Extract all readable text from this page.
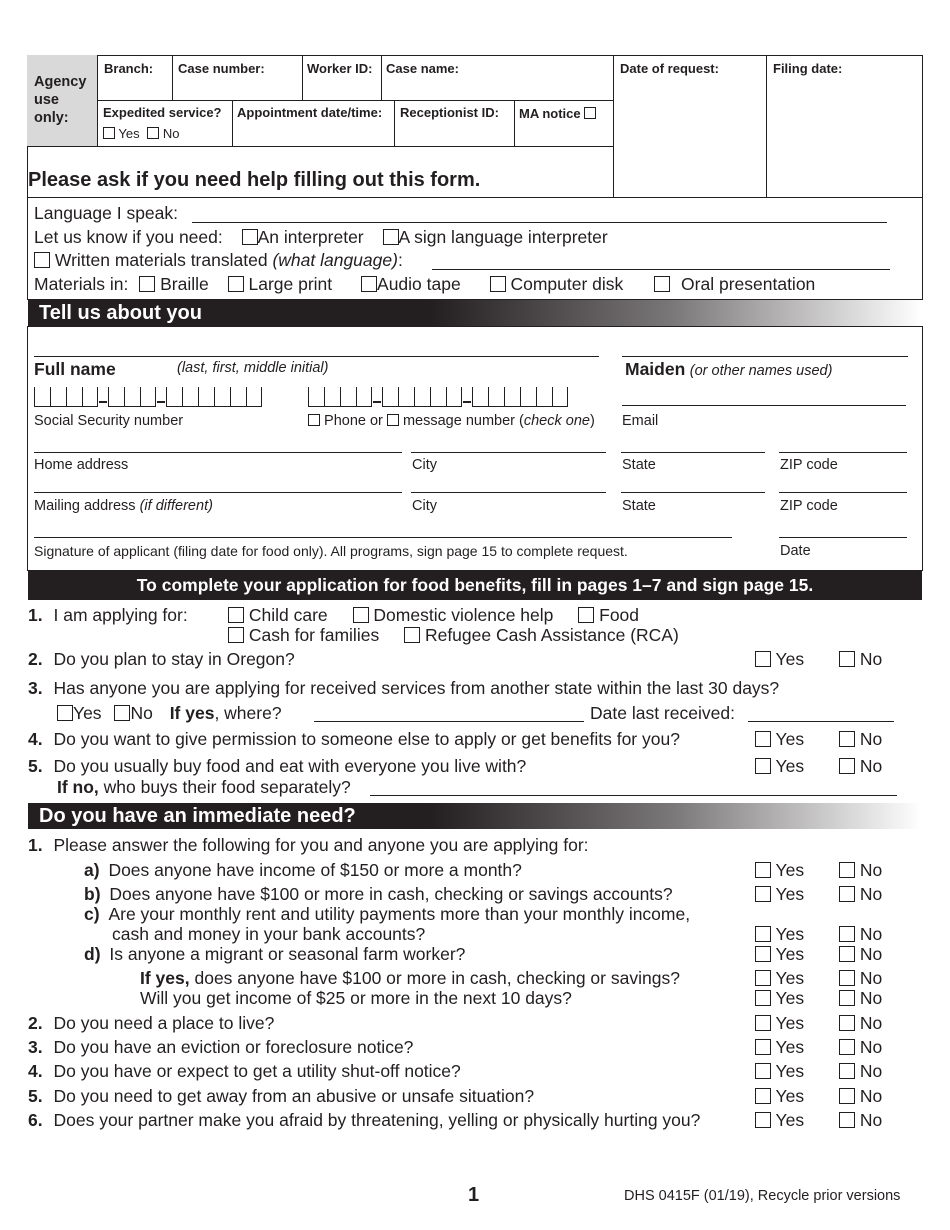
Agency use only:
Branch: Case number:	Worker ID: Case name:	Date of request:	Filing date:
Expedited service?
Yes No
Appointment date/time: Receptionist ID: MA notice
Please ask if you need help filling out this form.
Language I speak:
Let us know if you need: An interpreter A sign language interpreter
Written materials translated (what language):
Materials in: Braille Large print	Audio tape	Computer disk	Oral presentation
Tell us about you
Full name	(last, first, middle initial)	Maiden (or other names used)
Social Security number	Phone or message number (check one) Email
Home address	City	State	ZIP code
Mailing address (if different)	City	State	ZIP code
Signature of applicant (filing date for food only). All programs, sign page 15 to complete request.	Date
To complete your application for food benefits, fill in pages 1–7 and sign page 15.
1. I am applying for:	Child care	Domestic violence help	Food
Cash for families	Refugee Cash Assistance (RCA)
2. Do you plan to stay in Oregon?	Yes	No
3. Has anyone you are applying for received services from another state within the last 30 days?
Yes No If yes, where?	Date last received:
4. Do you want to give permission to someone else to apply or get benefits for you?	Yes	No
5. Do you usually buy food and eat with everyone you live with?	Yes	No
If no, who buys their food separately?
Do you have an immediate need?
1. Please answer the following for you and anyone you are applying for:
a) Does anyone have income of $150 or more a month?	Yes	No
b) Does anyone have $100 or more in cash, checking or savings accounts?	Yes	No
c) Are your monthly rent and utility payments more than your monthly income,
cash and money in your bank accounts?	Yes	No
d) Is anyone a migrant or seasonal farm worker?	Yes	No
If yes, does anyone have $100 or more in cash, checking or savings?	Yes	No
Will you get income of $25 or more in the next 10 days?	Yes	No
2. Do you need a place to live?	Yes	No
3. Do you have an eviction or foreclosure notice?	Yes	No
4. Do you have or expect to get a utility shut-off notice?	Yes	No
5. Do you need to get away from an abusive or unsafe situation?	Yes	No
6. Does your partner make you afraid by threatening, yelling or physically hurting you?	Yes	No
1	DHS 0415F (01/19), Recycle prior versions
